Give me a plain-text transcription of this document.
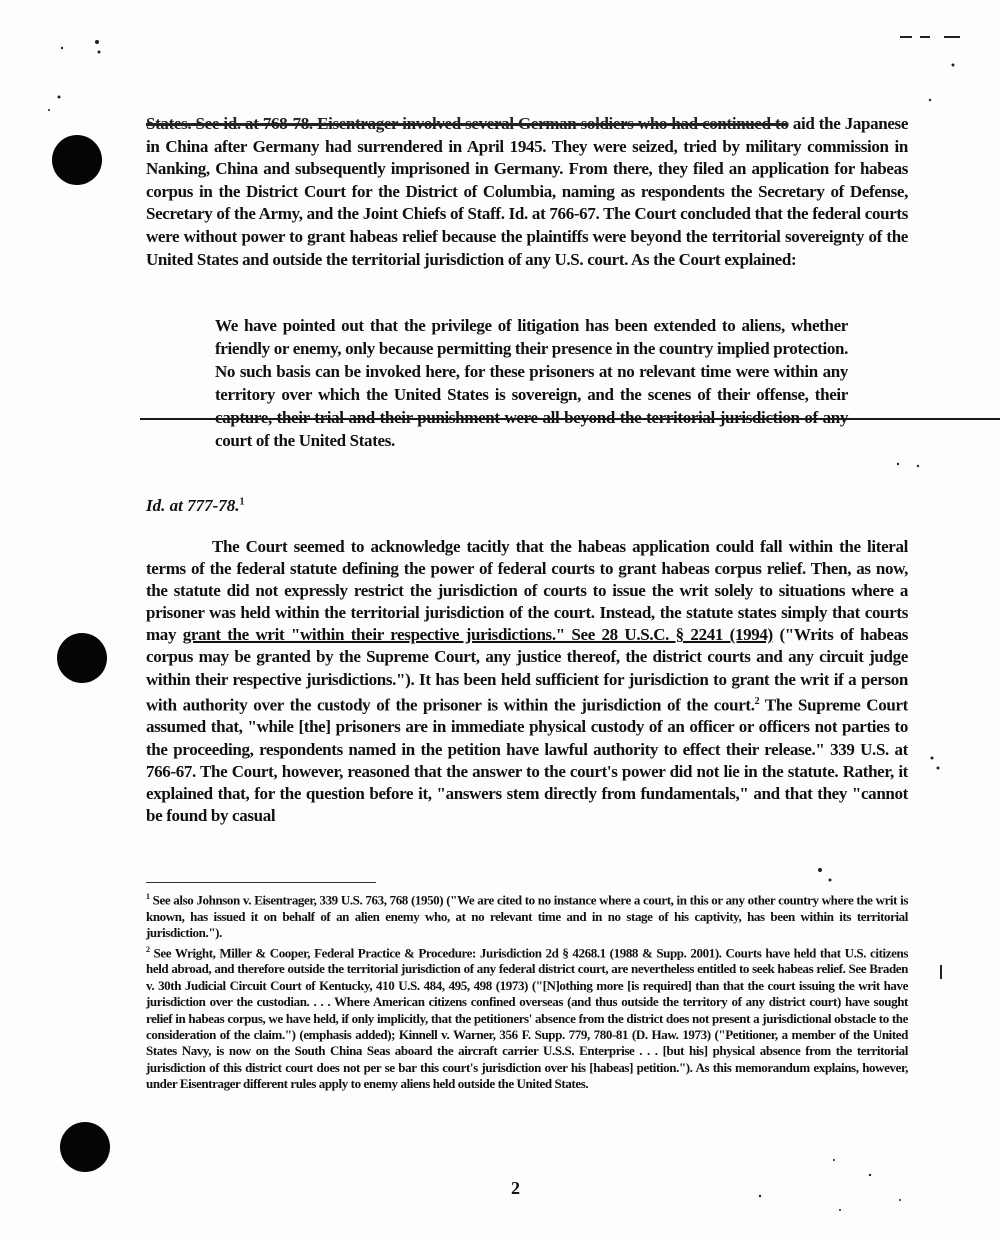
States. See id. at 768-78. Eisentrager involved several German soldiers who had continued to aid the Japanese in China after Germany had surrendered in April 1945. They were seized, tried by military commission in Nanking, China and subsequently imprisoned in Germany. From there, they filed an application for habeas corpus in the District Court for the District of Columbia, naming as respondents the Secretary of Defense, Secretary of the Army, and the Joint Chiefs of Staff. Id. at 766-67. The Court concluded that the federal courts were without power to grant habeas relief because the plaintiffs were beyond the territorial sovereignty of the United States and outside the territorial jurisdiction of any U.S. court. As the Court explained:

We have pointed out that the privilege of litigation has been extended to aliens, whether friendly or enemy, only because permitting their presence in the country implied protection. No such basis can be invoked here, for these prisoners at no relevant time were within any territory over which the United States is sovereign, and the scenes of their offense, their court of the United States.

Id. at 777-78.$^1$

The Court seemed to acknowledge tacitly that the habeas application could fall within the literal terms of the federal statute defining the power of federal courts to grant habeas corpus relief. Then, as now, the statute did not expressly restrict the jurisdiction of courts to issue the writ solely to situations where a prisoner was held within the territorial jurisdiction of the court. Instead, the statute states simply that courts may grant the writ "within their respective jurisdictions." See 28 U.S.C. § 2241 (1994) ("Writs of habeas corpus may be granted by the Supreme Court, any justice thereof, the district courts and any circuit judge within their respective jurisdictions."). It has been held sufficient for jurisdiction to grant the writ if a person with authority over the custody of the prisoner is within the jurisdiction of the court.$^2$ The Supreme Court assumed that, "while [the] prisoners are in immediate physical custody of an officer or officers not parties to the proceeding, respondents named in the petition have lawful authority to effect their release." 339 U.S. at 766-67. The Court, however, reasoned that the answer to the court's power did not lie in the statute. Rather, it explained that, for the question before it, "answers stem directly from fundamentals," and that they "cannot be found by casual

$^1$ See also Johnson v. Eisentrager, 339 U.S. 763, 768 (1950) ("We are cited to no instance where a court, in this or any other country where the writ is known, has issued it on behalf of an alien enemy who, at no relevant time and in no stage of his captivity, has been within its territorial jurisdiction.").

$^2$ See Wright, Miller & Cooper, Federal Practice & Procedure: Jurisdiction 2d § 4268.1 (1988 & Supp. 2001). Courts have held that U.S. citizens held abroad, and therefore outside the territorial jurisdiction of any federal district court, are nevertheless entitled to seek habeas relief. See Braden v. 30th Judicial Circuit Court of Kentucky, 410 U.S. 484, 495, 498 (1973) ("[N]othing more [is required] than that the court issuing the writ have jurisdiction over the custodian. . . . Where American citizens confined overseas (and thus outside the territory of any district court) have sought relief in habeas corpus, we have held, if only implicitly, that the petitioners' absence from the district does not present a jurisdictional obstacle to the consideration of the claim.") (emphasis added); Kinnell v. Warner, 356 F. Supp. 779, 780-81 (D. Haw. 1973) ("Petitioner, a member of the United States Navy, is now on the South China Seas aboard the aircraft carrier U.S.S. Enterprise . . . [but his] physical absence from the territorial jurisdiction of this district court does not per se bar this court's jurisdiction over his [habeas] petition."). As this memorandum explains, however, under Eisentrager different rules apply to enemy aliens held outside the United States.

2
